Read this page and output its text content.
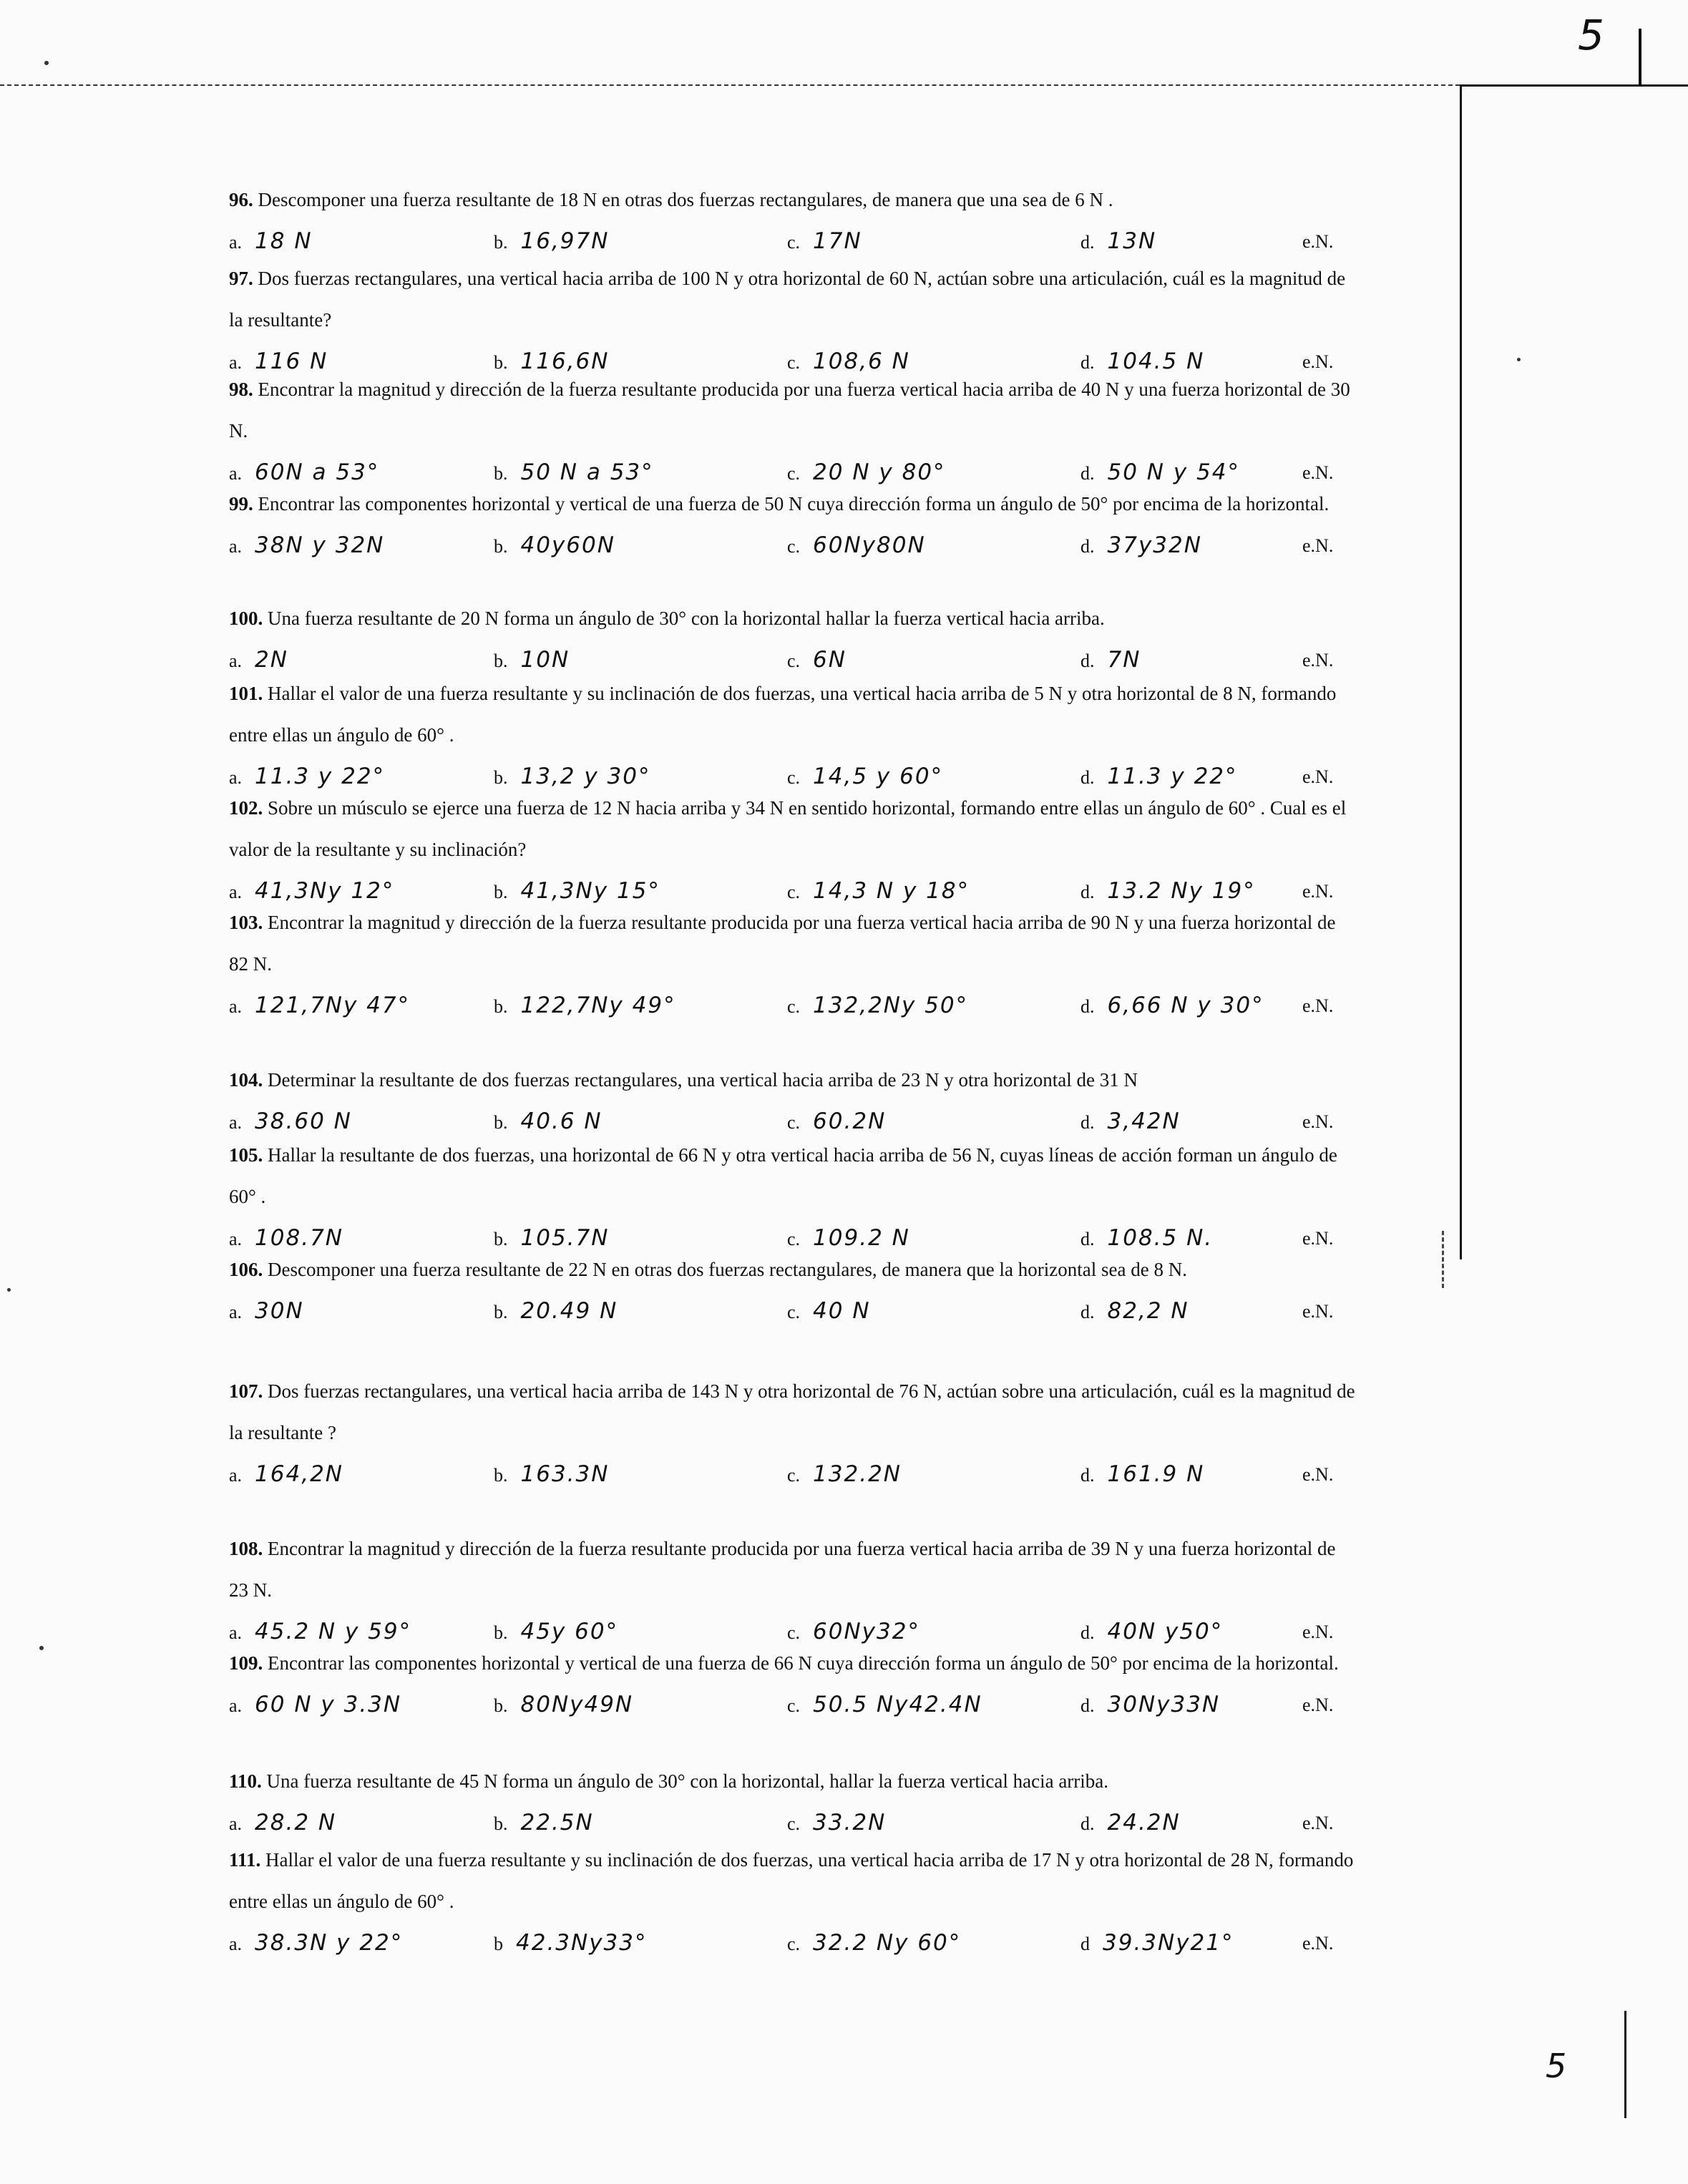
5
5
96. Descomponer una fuerza resultante de 18 N en otras dos fuerzas rectangulares, de manera que una sea de 6 N .
a. 18 N	b. 16,97N	c. 17N	d. 13N	e.N.
97. Dos fuerzas rectangulares, una vertical hacia arriba de 100 N y otra horizontal de 60 N, actúan sobre una articulación, cuál es la magnitud de la resultante?
a. 116 N	b. 116,6N	c. 108,6 N	d. 104.5 N	e.N.
98. Encontrar la magnitud y dirección de la fuerza resultante producida por una fuerza vertical hacia arriba de 40 N y una fuerza horizontal de 30 N.
a. 60N a 53°	b. 50 N a 53°	c. 20 N y 80°	d. 50 N y 54°	e.N.
99. Encontrar las componentes horizontal y vertical de una fuerza de 50 N cuya dirección forma un ángulo de 50° por encima de la horizontal.
a. 38N y 32N	b. 40y60N	c. 60Ny80N	d. 37y32N	e.N.
100. Una fuerza resultante de 20 N forma un ángulo de 30° con la horizontal hallar la fuerza vertical hacia arriba.
a. 2N	b. 10N	c. 6N	d. 7N	e.N.
101. Hallar el valor de una fuerza resultante y su inclinación de dos fuerzas, una vertical hacia arriba de 5 N y otra horizontal de 8 N, formando entre ellas un ángulo de 60° .
a. 11.3 y 22°	b. 13,2 y 30°	c. 14,5 y 60°	d. 11.3 y 22°	e.N.
102. Sobre un músculo se ejerce una fuerza de 12 N hacia arriba y 34 N en sentido horizontal, formando entre ellas un ángulo de 60° . Cual es el valor de la resultante y su inclinación?
a. 41,3Ny 12°	b. 41,3Ny 15°	c. 14,3 N y 18°	d. 13.2 Ny 19°	e.N.
103. Encontrar la magnitud y dirección de la fuerza resultante producida por una fuerza vertical hacia arriba de 90 N y una fuerza horizontal de 82 N.
a. 121,7Ny 47°	b. 122,7Ny 49°	c. 132,2Ny 50°	d. 6,66 N y 30° e.N.
104. Determinar la resultante de dos fuerzas rectangulares, una vertical hacia arriba de 23 N y otra horizontal de 31 N
a. 38.60 N	b. 40.6 N	c. 60.2N	d. 3,42N	e.N.
105. Hallar la resultante de dos fuerzas, una horizontal de 66 N y otra vertical hacia arriba de 56 N, cuyas líneas de acción forman un ángulo de 60° .
a. 108.7N	b. 105.7N	c. 109.2 N	d. 108.5 N.	e.N.
106. Descomponer una fuerza resultante de 22 N en otras dos fuerzas rectangulares, de manera que la horizontal sea de 8 N.
a. 30N	b. 20.49 N	c. 40 N	d. 82,2 N	e.N.
107. Dos fuerzas rectangulares, una vertical hacia arriba de 143 N y otra horizontal de 76 N, actúan sobre una articulación, cuál es la magnitud de la resultante ?
a. 164,2N	b. 163.3N	c. 132.2N	d. 161.9 N	e.N.
108. Encontrar la magnitud y dirección de la fuerza resultante producida por una fuerza vertical hacia arriba de 39 N y una fuerza horizontal de 23 N.
a. 45.2 N y 59°	b. 45y 60°	c. 60Ny32°	d. 40N y50°	e.N.
109. Encontrar las componentes horizontal y vertical de una fuerza de 66 N cuya dirección forma un ángulo de 50° por encima de la horizontal.
a. 60 N y 3.3N	b. 80Ny49N	c. 50.5 Ny42.4N	d. 30Ny33N	e.N.
110. Una fuerza resultante de 45 N forma un ángulo de 30° con la horizontal, hallar la fuerza vertical hacia arriba.
a. 28.2 N	b. 22.5N	c. 33.2N	d. 24.2N	e.N.
111. Hallar el valor de una fuerza resultante y su inclinación de dos fuerzas, una vertical hacia arriba de 17 N y otra horizontal de 28 N, formando entre ellas un ángulo de 60° .
a. 38.3N y 22°	b 42.3Ny33°	c. 32.2 Ny 60°	d 39.3Ny21°	e.N.
